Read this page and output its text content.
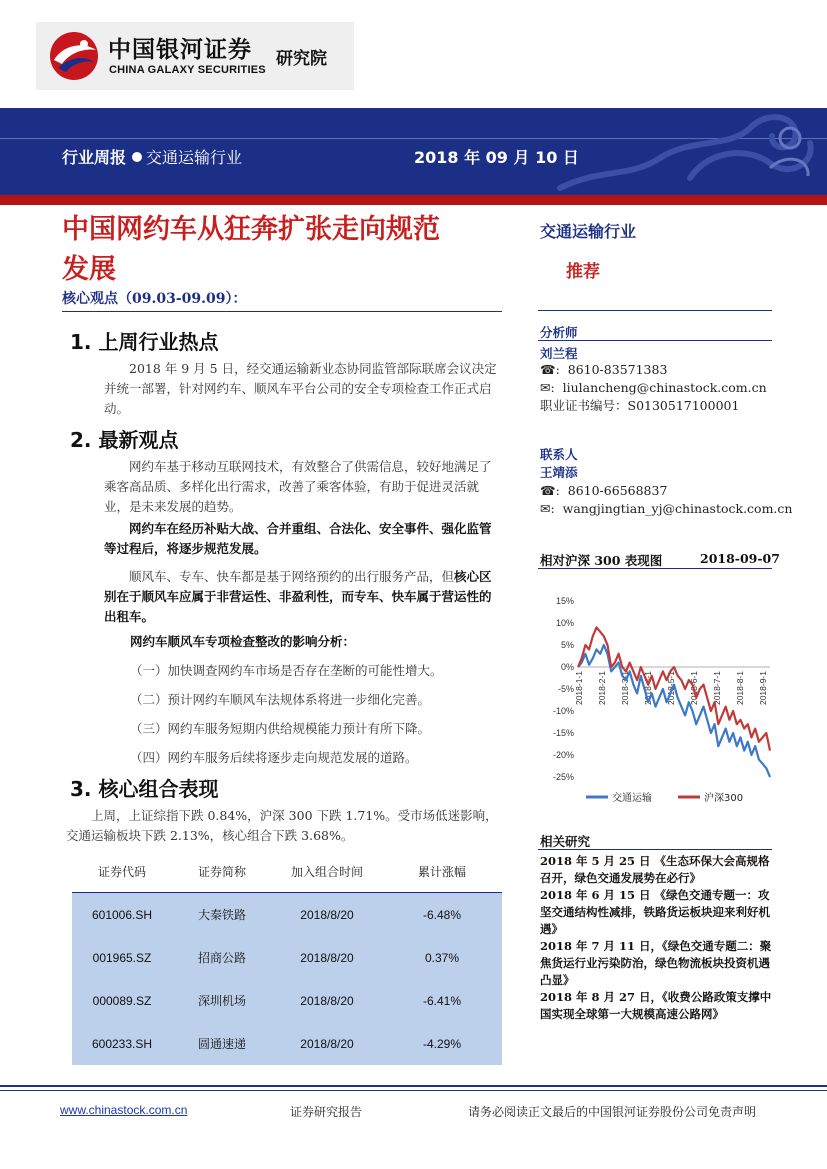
中国银河证券
CHINA GALAXY SECURITIES
研究院
行业周报 交通运输行业	2018 年 09 月 10 日
中国网约车从狂奔扩张走向规范
发展
核心观点（09.03-09.09）：
1. 上周行业热点
2018 年 9 月 5 日，经交通运输新业态协同监管部际联席会议决定并统一部署，针对网约车、顺风车平台公司的安全专项检查工作正式启动。
2. 最新观点
网约车基于移动互联网技术，有效整合了供需信息，较好地满足了乘客高品质、多样化出行需求，改善了乘客体验，有助于促进灵活就业，是未来发展的趋势。
网约车在经历补贴大战、合并重组、合法化、安全事件、强化监管等过程后，将逐步规范发展。
顺风车、专车、快车都是基于网络预约的出行服务产品，但核心区别在于顺风车应属于非营运性、非盈利性，而专车、快车属于营运性的出租车。
网约车顺风车专项检查整改的影响分析：
（一）加快调查网约车市场是否存在垄断的可能性增大。
（二）预计网约车顺风车法规体系将进一步细化完善。
（三）网约车服务短期内供给规模能力预计有所下降。
（四）网约车服务后续将逐步走向规范发展的道路。
3. 核心组合表现
上周，上证综指下跌 0.84%，沪深 300 下跌 1.71%。受市场低迷影响，交通运输板块下跌 2.13%，核心组合下跌 3.68%。
证券代码	证券简称	加入组合时间	累计涨幅
601006.SH	大秦铁路	2018/8/20	-6.48%
001965.SZ	招商公路	2018/8/20	0.37%
000089.SZ	深圳机场	2018/8/20	-6.41%
600233.SH	圆通速递	2018/8/20	-4.29%
交通运输行业
推荐
分析师
刘兰程
☎: 8610-83571383
✉: liulancheng@chinastock.com.cn
职业证书编号：S0130517100001
联系人
王靖添
☎: 8610-66568837
✉: wangjingtian_yj@chinastock.com.cn
相对沪深 300 表现图	2018-09-07
15%
10%
5%
0%
-5%
-10%
-15%
-20%
-25%
2018-1-1 2018-2-1 2018-3-1 2018-4-1 2018-5-1 2018-6-1 2018-7-1 2018-8-1 2018-9-1
交通运输	沪深300
相关研究
2018 年 5 月 25 日 《生态环保大会高规格召开，绿色交通发展势在必行》
2018 年 6 月 15 日 《绿色交通专题一：攻坚交通结构性减排，铁路货运板块迎来利好机遇》
2018 年 7 月 11 日，《绿色交通专题二：聚焦货运行业污染防治，绿色物流板块投资机遇凸显》
2018 年 8 月 27 日，《收费公路政策支撑中国实现全球第一大规模高速公路网》
www.chinastock.com.cn	证券研究报告	请务必阅读正文最后的中国银河证券股份公司免责声明
